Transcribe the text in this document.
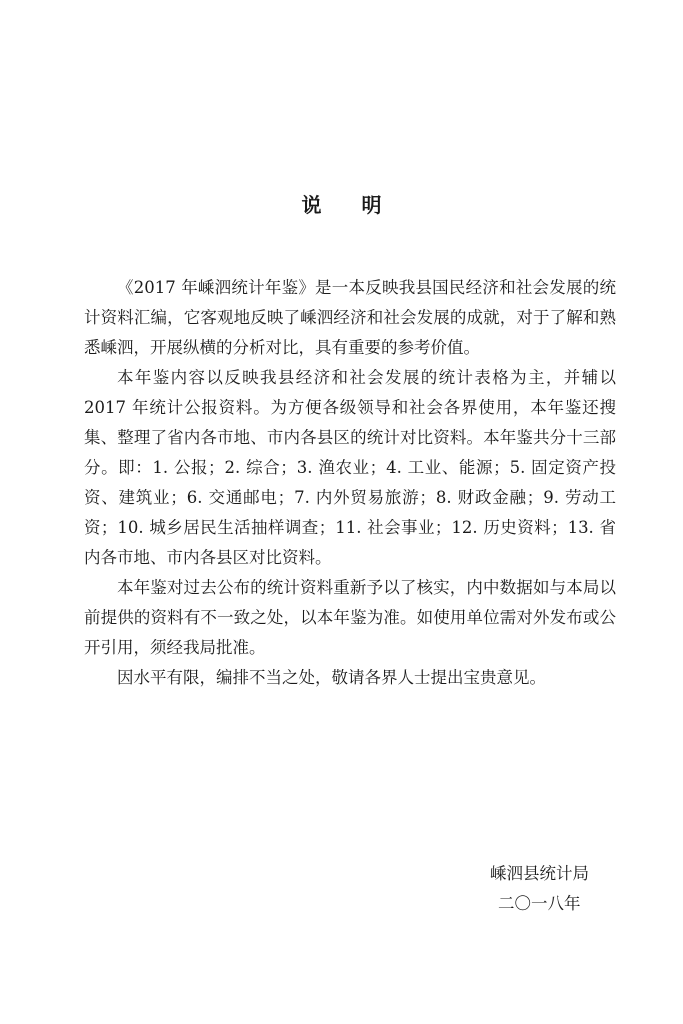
说 明

《2017 年嵊泗统计年鉴》是一本反映我县国民经济和社会发展的统计资料汇编，它客观地反映了嵊泗经济和社会发展的成就，对于了解和熟悉嵊泗，开展纵横的分析对比，具有重要的参考价值。

本年鉴内容以反映我县经济和社会发展的统计表格为主，并辅以 2017 年统计公报资料。为方便各级领导和社会各界使用，本年鉴还搜集、整理了省内各市地、市内各县区的统计对比资料。本年鉴共分十三部分。即：1. 公报；2. 综合；3. 渔农业；4. 工业、能源；5. 固定资产投资、建筑业；6. 交通邮电；7. 内外贸易旅游；8. 财政金融；9. 劳动工资；10. 城乡居民生活抽样调查；11. 社会事业；12. 历史资料；13. 省内各市地、市内各县区对比资料。

本年鉴对过去公布的统计资料重新予以了核实，内中数据如与本局以前提供的资料有不一致之处，以本年鉴为准。如使用单位需对外发布或公开引用，须经我局批准。

因水平有限，编排不当之处，敬请各界人士提出宝贵意见。

嵊泗县统计局
二〇一八年
